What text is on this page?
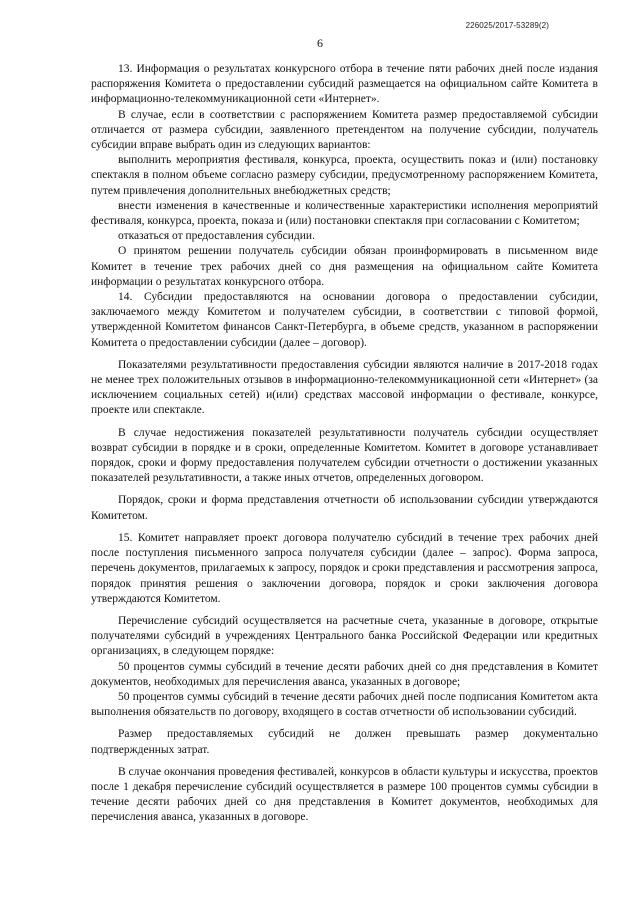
226025/2017-53289(2)
6

13. Информация о результатах конкурсного отбора в течение пяти рабочих дней после издания распоряжения Комитета о предоставлении субсидий размещается на официальном сайте Комитета в информационно-телекоммуникационной сети «Интернет».

В случае, если в соответствии с распоряжением Комитета размер предоставляемой субсидии отличается от размера субсидии, заявленного претендентом на получение субсидии, получатель субсидии вправе выбрать один из следующих вариантов:

выполнить мероприятия фестиваля, конкурса, проекта, осуществить показ и (или) постановку спектакля в полном объеме согласно размеру субсидии, предусмотренному распоряжением Комитета, путем привлечения дополнительных внебюджетных средств;

внести изменения в качественные и количественные характеристики исполнения мероприятий фестиваля, конкурса, проекта, показа и (или) постановки спектакля при согласовании с Комитетом;

отказаться от предоставления субсидии.

О принятом решении получатель субсидии обязан проинформировать в письменном виде Комитет в течение трех рабочих дней со дня размещения на официальном сайте Комитета информации о результатах конкурсного отбора.

14. Субсидии предоставляются на основании договора о предоставлении субсидии, заключаемого между Комитетом и получателем субсидии, в соответствии с типовой формой, утвержденной Комитетом финансов Санкт-Петербурга, в объеме средств, указанном в распоряжении Комитета о предоставлении субсидии (далее – договор).

Показателями результативности предоставления субсидии являются наличие в 2017-2018 годах не менее трех положительных отзывов в информационно-телекоммуникационной сети «Интернет» (за исключением социальных сетей) и(или) средствах массовой информации о фестивале, конкурсе, проекте или спектакле.

В случае недостижения показателей результативности получатель субсидии осуществляет возврат субсидии в порядке и в сроки, определенные Комитетом. Комитет в договоре устанавливает порядок, сроки и форму предоставления получателем субсидии отчетности о достижении указанных показателей результативности, а также иных отчетов, определенных договором.

Порядок, сроки и форма представления отчетности об использовании субсидии утверждаются Комитетом.

15. Комитет направляет проект договора получателю субсидий в течение трех рабочих дней после поступления письменного запроса получателя субсидии (далее – запрос). Форма запроса, перечень документов, прилагаемых к запросу, порядок и сроки представления и рассмотрения запроса, порядок принятия решения о заключении договора, порядок и сроки заключения договора утверждаются Комитетом.

Перечисление субсидий осуществляется на расчетные счета, указанные в договоре, открытые получателями субсидий в учреждениях Центрального банка Российской Федерации или кредитных организациях, в следующем порядке:

50 процентов суммы субсидий в течение десяти рабочих дней со дня представления в Комитет документов, необходимых для перечисления аванса, указанных в договоре;

50 процентов суммы субсидий в течение десяти рабочих дней после подписания Комитетом акта выполнения обязательств по договору, входящего в состав отчетности об использовании субсидий.

Размер предоставляемых субсидий не должен превышать размер документально подтвержденных затрат.

В случае окончания проведения фестивалей, конкурсов в области культуры и искусства, проектов после 1 декабря перечисление субсидий осуществляется в размере 100 процентов суммы субсидии в течение десяти рабочих дней со дня представления в Комитет документов, необходимых для перечисления аванса, указанных в договоре.
